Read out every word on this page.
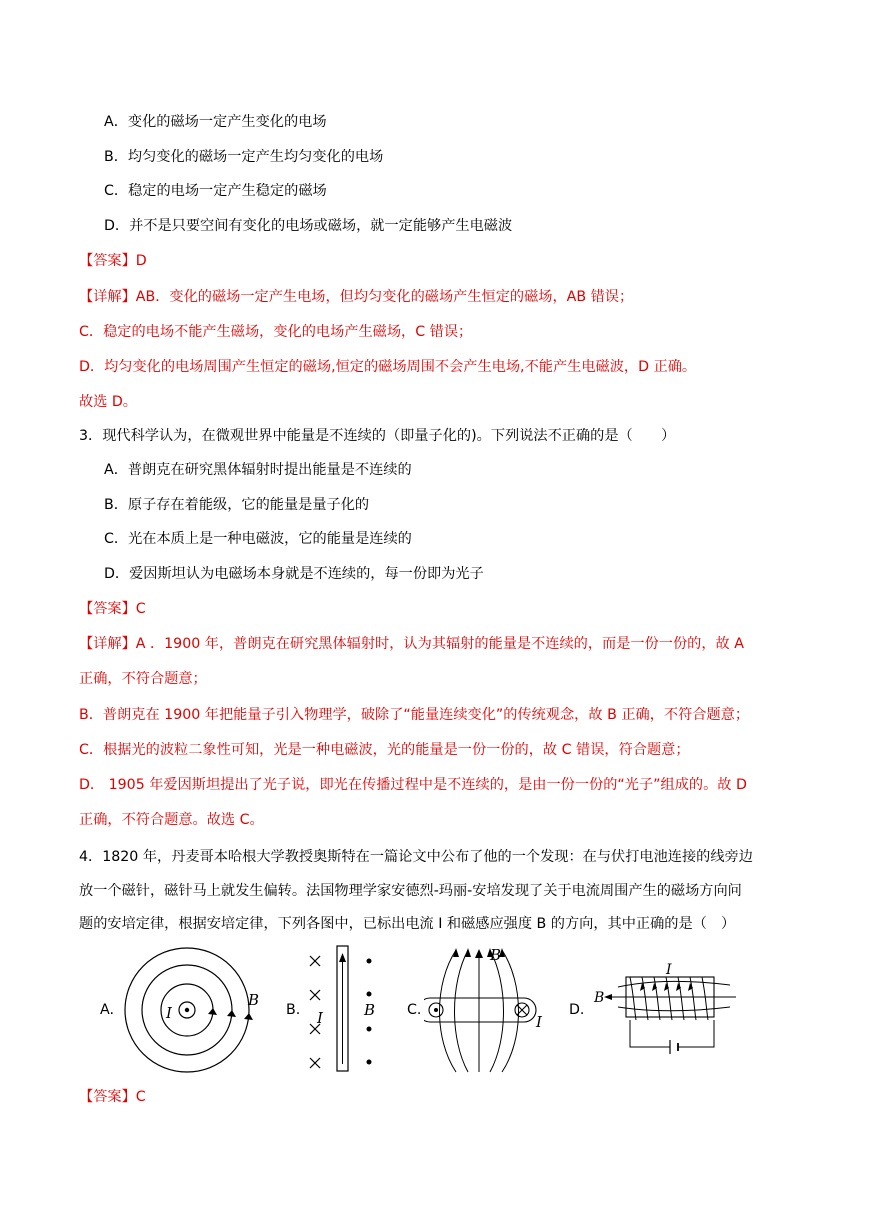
A．变化的磁场一定产生变化的电场
B．均匀变化的磁场一定产生均匀变化的电场
C．稳定的电场一定产生稳定的磁场
D．并不是只要空间有变化的电场或磁场，就一定能够产生电磁波
【答案】D
【详解】AB．变化的磁场一定产生电场，但均匀变化的磁场产生恒定的磁场，AB 错误；
C．稳定的电场不能产生磁场，变化的电场产生磁场，C 错误；
D．均匀变化的电场周围产生恒定的磁场,恒定的磁场周围不会产生电场,不能产生电磁波，D 正确。
故选 D。
3．现代科学认为，在微观世界中能量是不连续的（即量子化的)。下列说法不正确的是（　　）
A．普朗克在研究黑体辐射时提出能量是不连续的
B．原子存在着能级，它的能量是量子化的
C．光在本质上是一种电磁波，它的能量是连续的
D．爱因斯坦认为电磁场本身就是不连续的，每一份即为光子
【答案】C
【详解】A ．1900 年，普朗克在研究黑体辐射时，认为其辐射的能量是不连续的，而是一份一份的，故 A
正确，不符合题意；
B．普朗克在 1900 年把能量子引入物理学，破除了“能量连续变化”的传统观念，故 B 正确，不符合题意；
C．根据光的波粒二象性可知，光是一种电磁波，光的能量是一份一份的，故 C 错误，符合题意；
D． 1905 年爱因斯坦提出了光子说，即光在传播过程中是不连续的，是由一份一份的“光子”组成的。故 D
正确，不符合题意。故选 C。
4．1820 年，丹麦哥本哈根大学教授奥斯特在一篇论文中公布了他的一个发现：在与伏打电池连接的线旁边
放一个磁针，磁针马上就发生偏转。法国物理学家安德烈-玛丽-安培发现了关于电流周围产生的磁场方向问
题的安培定律，根据安培定律，下列各图中，已标出电流 I 和磁感应强度 B 的方向，其中正确的是（　）
A.	I
B
B. I	B C.
I
B
D.
I
B
【答案】C
